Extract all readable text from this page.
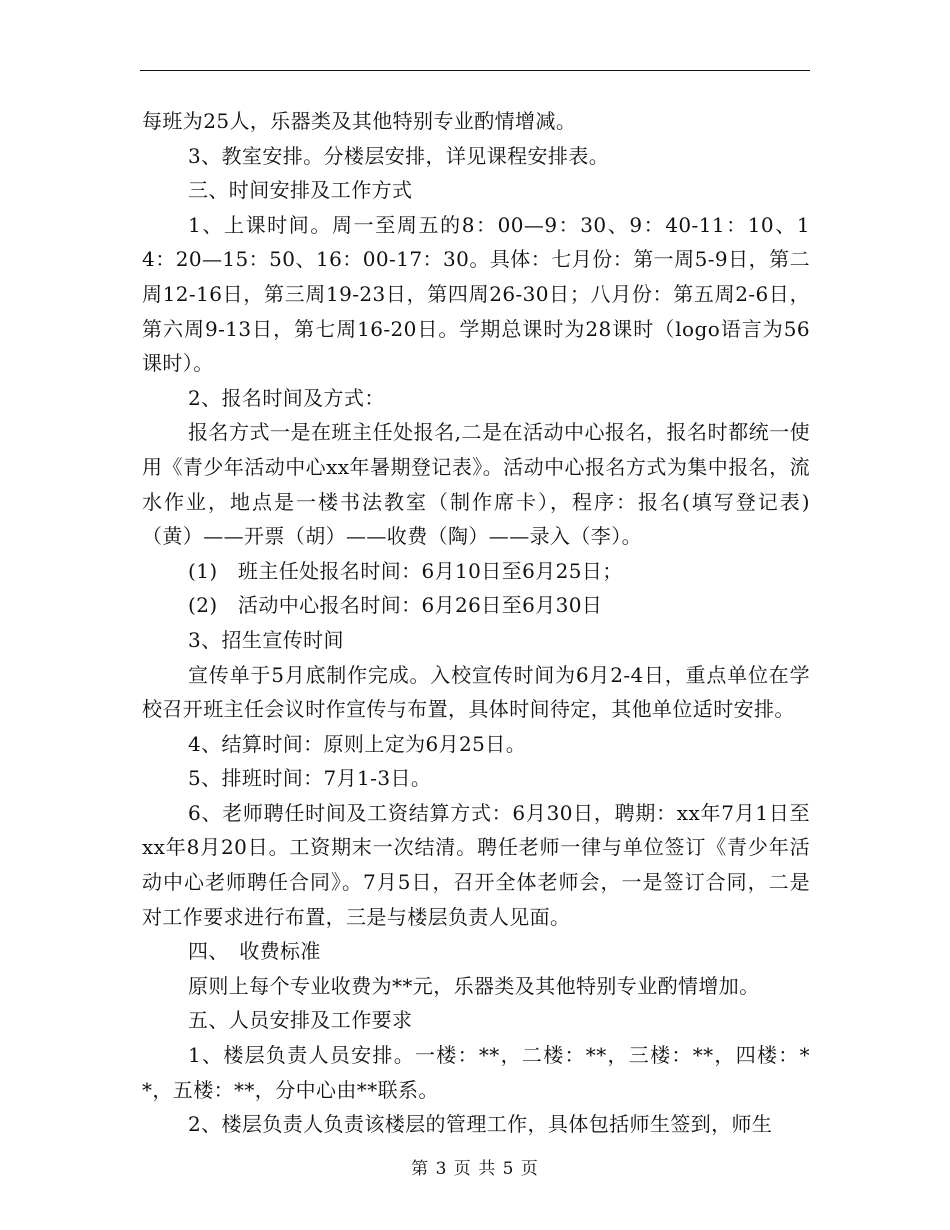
每班为25人，乐器类及其他特别专业酌情增减。

3、教室安排。分楼层安排，详见课程安排表。

三、时间安排及工作方式

1、上课时间。周一至周五的8：00—9：30、9：40-11：10、14：20—15：50、16：00-17：30。具体：七月份：第一周5-9日，第二周12-16日，第三周19-23日，第四周26-30日；八月份：第五周2-6日，第六周9-13日，第七周16-20日。学期总课时为28课时（logo语言为56课时）。

2、报名时间及方式：

报名方式一是在班主任处报名,二是在活动中心报名，报名时都统一使用《青少年活动中心xx年暑期登记表》。活动中心报名方式为集中报名，流水作业，地点是一楼书法教室（制作席卡），程序：报名(填写登记表)（黄）——开票（胡）——收费（陶）——录入（李）。

(1)　班主任处报名时间：6月10日至6月25日；

(2)　活动中心报名时间：6月26日至6月30日

3、招生宣传时间

宣传单于5月底制作完成。入校宣传时间为6月2-4日，重点单位在学校召开班主任会议时作宣传与布置，具体时间待定，其他单位适时安排。

4、结算时间：原则上定为6月25日。

5、排班时间：7月1-3日。

6、老师聘任时间及工资结算方式：6月30日，聘期：xx年7月1日至xx年8月20日。工资期末一次结清。聘任老师一律与单位签订《青少年活动中心老师聘任合同》。7月5日，召开全体老师会，一是签订合同，二是对工作要求进行布置，三是与楼层负责人见面。

四、　收费标准

原则上每个专业收费为**元，乐器类及其他特别专业酌情增加。

五、人员安排及工作要求

1、楼层负责人员安排。一楼：**，二楼：**，三楼：**，四楼：**，五楼：**，分中心由**联系。

2、楼层负责人负责该楼层的管理工作，具体包括师生签到，师生

第 3 页 共 5 页
